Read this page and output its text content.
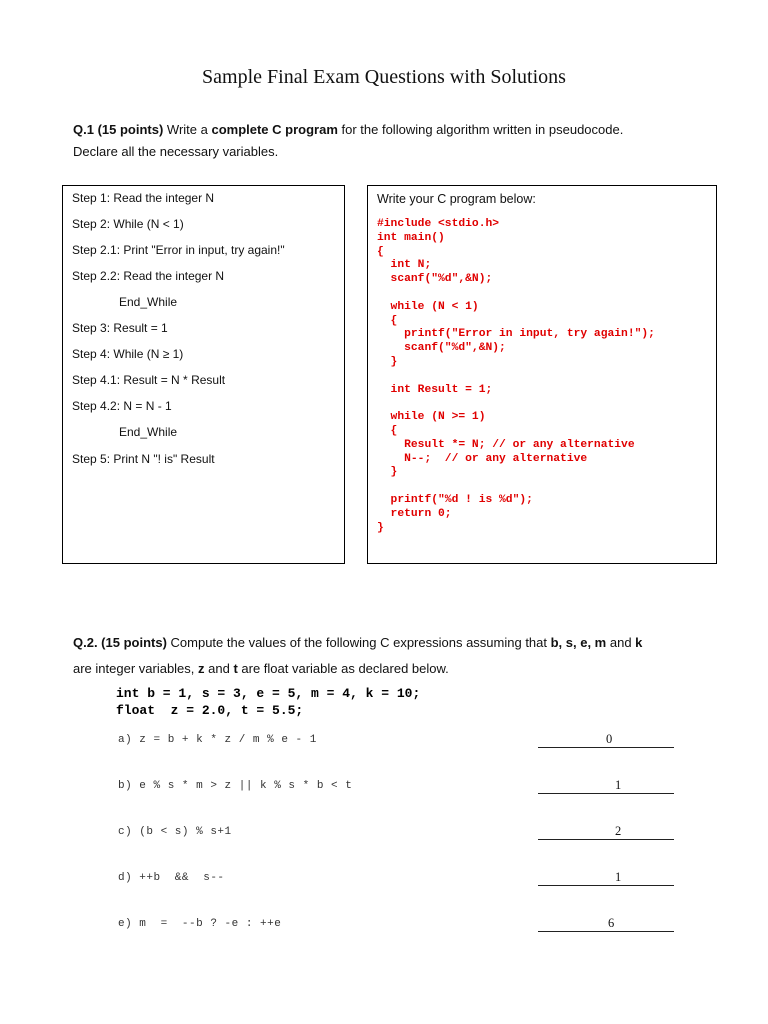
Sample Final Exam Questions with Solutions
Q.1 (15 points) Write a complete C program for the following algorithm written in pseudocode.
Declare all the necessary variables.
Step 1: Read the integer N
Step 2: While (N < 1)
Step 2.1: Print "Error in input, try again!"
Step 2.2: Read the integer N
End_While
Step 3: Result = 1
Step 4: While (N ≥ 1)
Step 4.1: Result = N * Result
Step 4.2: N = N - 1
End_While
Step 5: Print N "! is" Result
Write your C program below:
#include <stdio.h>
int main()
{
int N;
scanf("%d",&N);

while (N < 1)
{
printf("Error in input, try again!");
scanf("%d",&N);
}

int Result = 1;

while (N >= 1)
{
Result *= N; // or any alternative
N--;  // or any alternative
}

printf("%d ! is %d");
return 0;
}
Q.2. (15 points) Compute the values of the following C expressions assuming that b, s, e, m and k
are integer variables, z and t are float variable as declared below.
int b = 1, s = 3, e = 5, m = 4, k = 10;
float  z = 2.0, t = 5.5;
a) z = b + k * z / m % e - 1	0
b) e % s * m > z || k % s * b < t	1
c) (b < s) % s+1	2
d) ++b  &&  s--	1
e) m  =  --b ? -e : ++e	6
